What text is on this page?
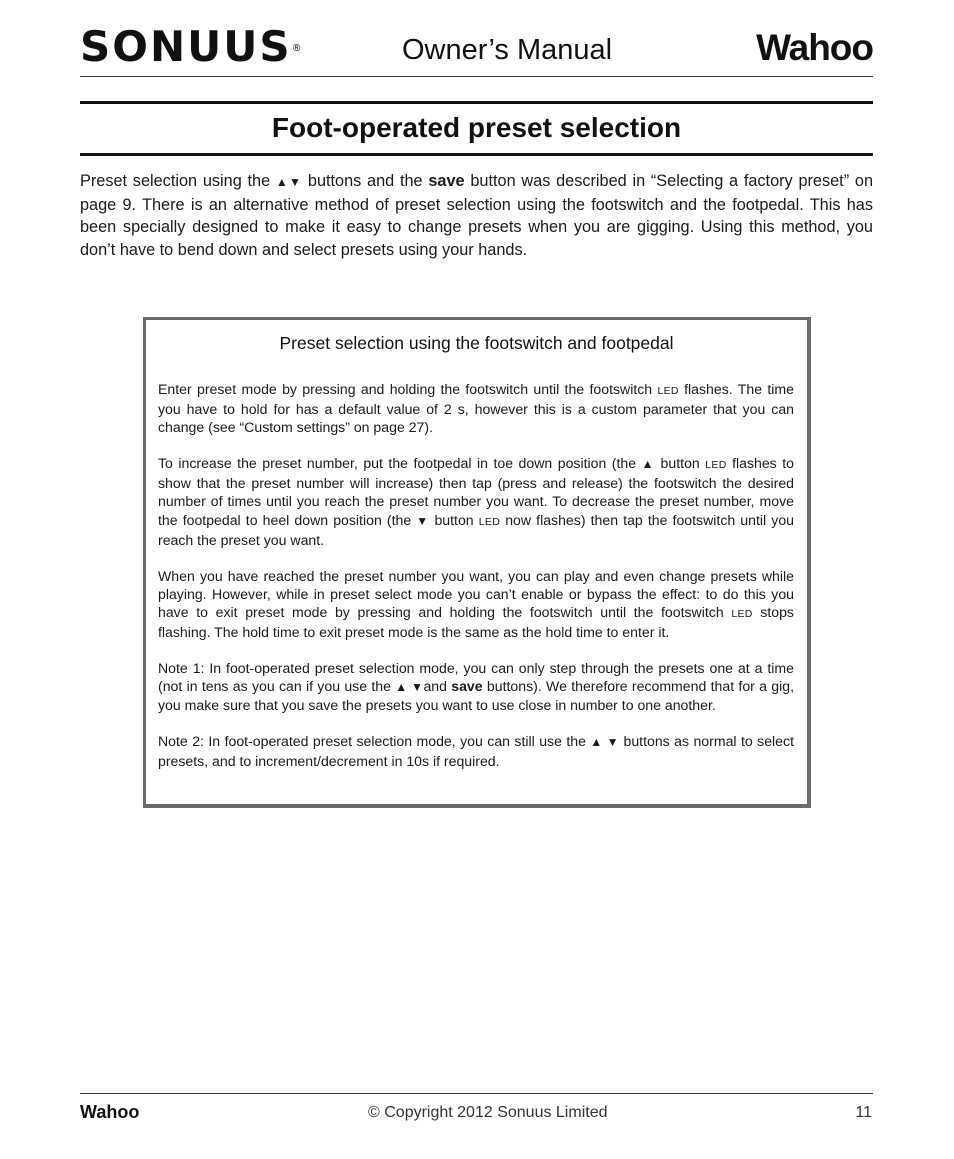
SONUUS®	Owner’s Manual	Wahoo
Foot-operated preset selection

Preset selection using the ▲▼ buttons and the save button was described in “Selecting a factory preset” on page 9. There is an alternative method of preset selection using the footswitch and the footpedal. This has been specially designed to make it easy to change presets when you are gigging. Using this method, you don’t have to bend down and select presets using your hands.

Preset selection using the footswitch and footpedal

Enter preset mode by pressing and holding the footswitch until the footswitch LED flashes. The time you have to hold for has a default value of 2 s, however this is a custom parameter that you can change (see “Custom settings” on page 27).

To increase the preset number, put the footpedal in toe down position (the ▲ button LED flashes to show that the preset number will increase) then tap (press and release) the footswitch the desired number of times until you reach the preset number you want. To decrease the preset number, move the footpedal to heel down position (the ▼ button LED now flashes) then tap the footswitch until you reach the preset you want.

When you have reached the preset number you want, you can play and even change presets while playing. However, while in preset select mode you can’t enable or bypass the effect: to do this you have to exit preset mode by pressing and holding the footswitch until the footswitch LED stops flashing. The hold time to exit preset mode is the same as the hold time to enter it.

Note 1: In foot-operated preset selection mode, you can only step through the presets one at a time (not in tens as you can if you use the ▲ ▼and save buttons). We therefore recommend that for a gig, you make sure that you save the presets you want to use close in number to one another.

Note 2: In foot-operated preset selection mode, you can still use the ▲ ▼ buttons as normal to select presets, and to increment/decrement in 10s if required.

Wahoo	© Copyright 2012 Sonuus Limited	11
